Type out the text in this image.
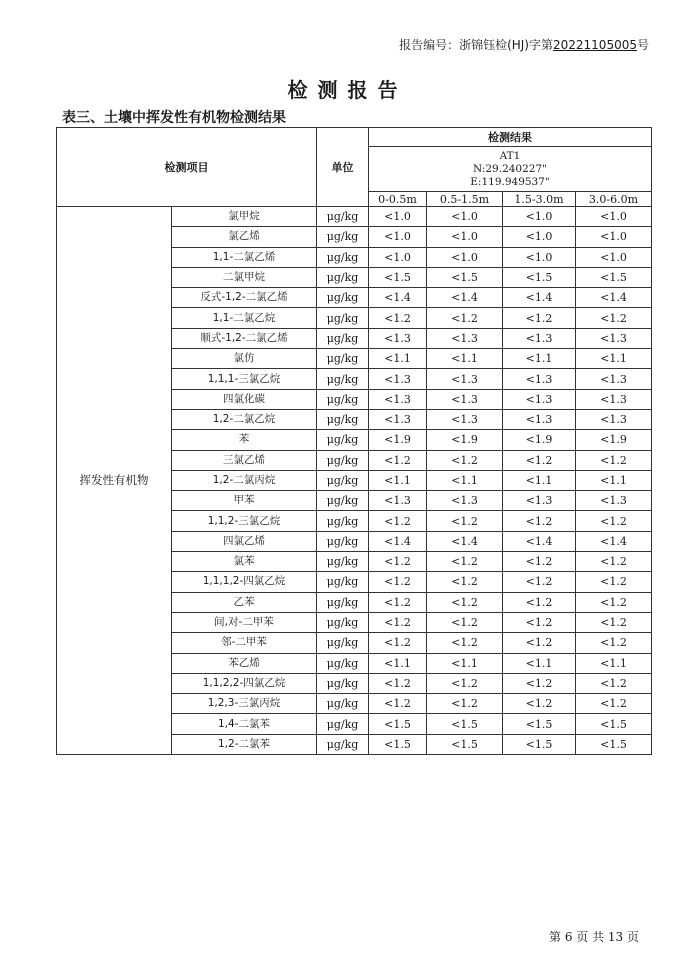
报告编号：浙锦钰检(HJ)字第20221105005号
检测报告
表三、土壤中挥发性有机物检测结果
检测项目		单位	检测结果			

			AT1
N:29.240227"
E:119.949537"			

			0-0.5m	0.5-1.5m	1.5-3.0m	3.0-6.0m
挥发性有机物	氯甲烷	μg/kg	<1.0	<1.0	<1.0	<1.0
	氯乙烯	μg/kg	<1.0	<1.0	<1.0	<1.0
	1,1-二氯乙烯	μg/kg	<1.0	<1.0	<1.0	<1.0
	二氯甲烷	μg/kg	<1.5	<1.5	<1.5	<1.5
	反式-1,2-二氯乙烯	μg/kg	<1.4	<1.4	<1.4	<1.4
	1,1-二氯乙烷	μg/kg	<1.2	<1.2	<1.2	<1.2
	顺式-1,2-二氯乙烯	μg/kg	<1.3	<1.3	<1.3	<1.3
	氯仿	μg/kg	<1.1	<1.1	<1.1	<1.1
	1,1,1-三氯乙烷	μg/kg	<1.3	<1.3	<1.3	<1.3
	四氯化碳	μg/kg	<1.3	<1.3	<1.3	<1.3
	1,2-二氯乙烷	μg/kg	<1.3	<1.3	<1.3	<1.3
	苯	μg/kg	<1.9	<1.9	<1.9	<1.9
	三氯乙烯	μg/kg	<1.2	<1.2	<1.2	<1.2
	1,2-二氯丙烷	μg/kg	<1.1	<1.1	<1.1	<1.1
	甲苯	μg/kg	<1.3	<1.3	<1.3	<1.3
	1,1,2-三氯乙烷	μg/kg	<1.2	<1.2	<1.2	<1.2
	四氯乙烯	μg/kg	<1.4	<1.4	<1.4	<1.4
	氯苯	μg/kg	<1.2	<1.2	<1.2	<1.2
	1,1,1,2-四氯乙烷	μg/kg	<1.2	<1.2	<1.2	<1.2
	乙苯	μg/kg	<1.2	<1.2	<1.2	<1.2
	间,对-二甲苯	μg/kg	<1.2	<1.2	<1.2	<1.2
	邻-二甲苯	μg/kg	<1.2	<1.2	<1.2	<1.2
	苯乙烯	μg/kg	<1.1	<1.1	<1.1	<1.1
	1,1,2,2-四氯乙烷	μg/kg	<1.2	<1.2	<1.2	<1.2
	1,2,3-三氯丙烷	μg/kg	<1.2	<1.2	<1.2	<1.2
	1,4-二氯苯	μg/kg	<1.5	<1.5	<1.5	<1.5
	1,2-二氯苯	μg/kg	<1.5	<1.5	<1.5	<1.5
第 6 页 共 13 页
